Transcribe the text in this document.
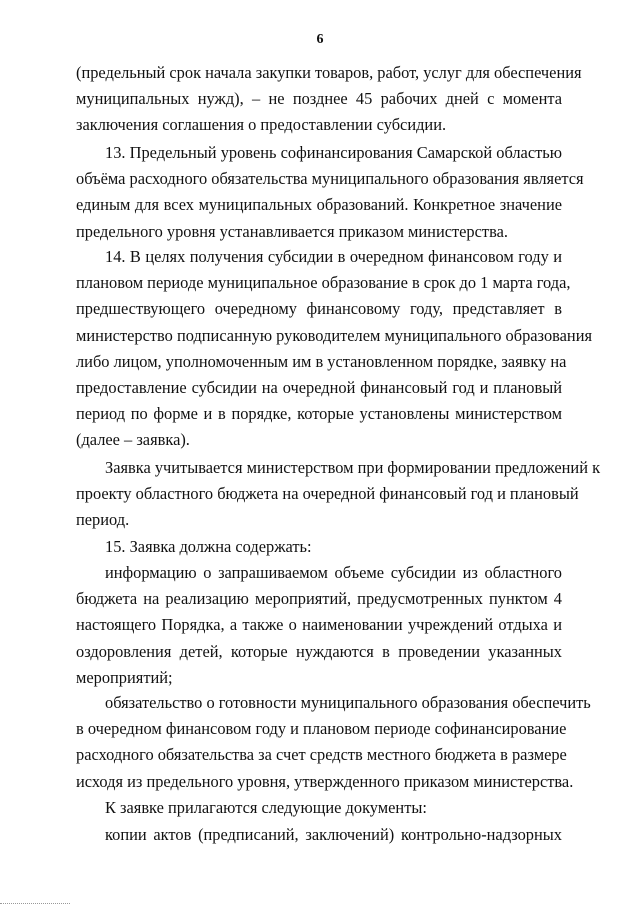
6
(предельный срок начала закупки товаров, работ, услуг для обеспечения
муниципальных нужд), – не позднее 45 рабочих дней с момента
заключения соглашения о предоставлении субсидии.
13. Предельный уровень софинансирования Самарской областью
объёма расходного обязательства муниципального образования является
единым для всех муниципальных образований. Конкретное значение
предельного уровня устанавливается приказом министерства.
14. В целях получения субсидии в очередном финансовом году и
плановом периоде муниципальное образование в срок до 1 марта года,
предшествующего очередному финансовому году, представляет в
министерство подписанную руководителем муниципального образования
либо лицом, уполномоченным им в установленном порядке, заявку на
предоставление субсидии на очередной финансовый год и плановый
период по форме и в порядке, которые установлены министерством
(далее – заявка).
Заявка учитывается министерством при формировании предложений к
проекту областного бюджета на очередной финансовый год и плановый
период.
15. Заявка должна содержать:
информацию о запрашиваемом объеме субсидии из областного
бюджета на реализацию мероприятий, предусмотренных пунктом 4
настоящего Порядка, а также о наименовании учреждений отдыха и
оздоровления детей, которые нуждаются в проведении указанных
мероприятий;
обязательство о готовности муниципального образования обеспечить
в очередном финансовом году и плановом периоде софинансирование
расходного обязательства за счет средств местного бюджета в размере
исходя из предельного уровня, утвержденного приказом министерства.
К заявке прилагаются следующие документы:
копии актов (предписаний, заключений) контрольно-надзорных
